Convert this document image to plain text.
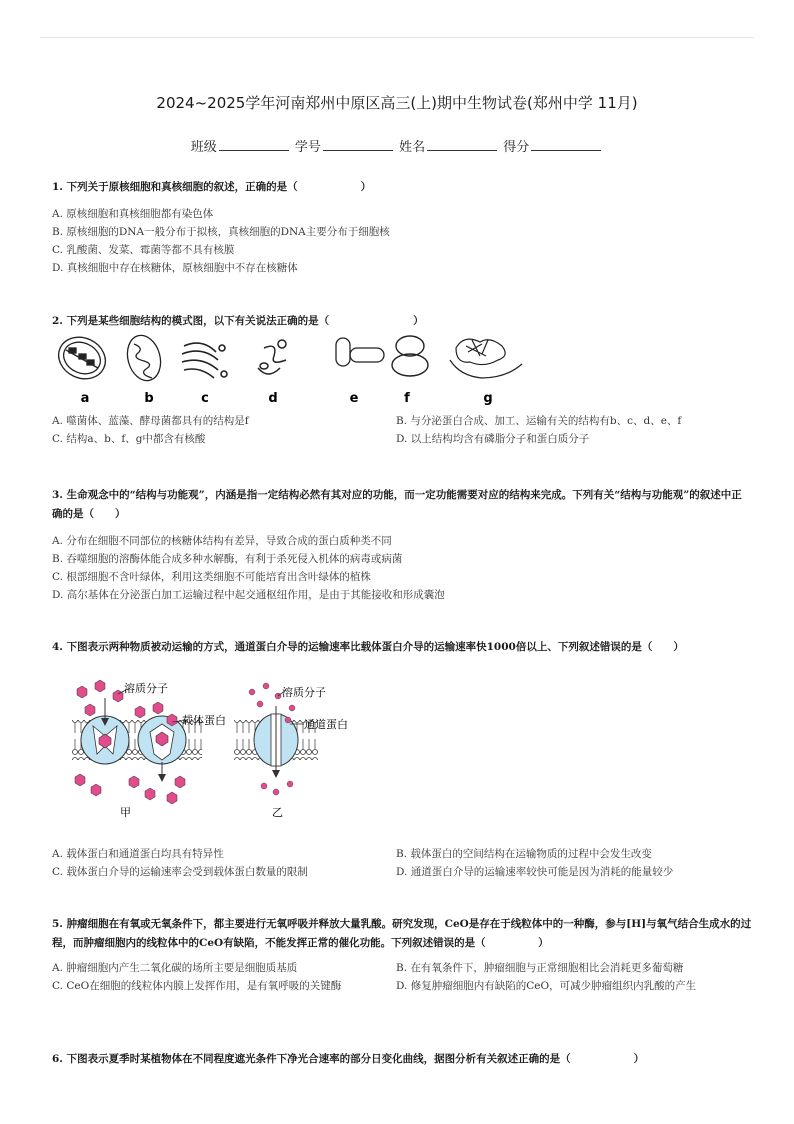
2024~2025学年河南郑州中原区高三(上)期中生物试卷(郑州中学 11月)
班级	学号	姓名	得分
1. 下列关于原核细胞和真核细胞的叙述，正确的是（　　　　　　）
A. 原核细胞和真核细胞都有染色体
B. 原核细胞的DNA一般分布于拟核，真核细胞的DNA主要分布于细胞核
C. 乳酸菌、发菜、霉菌等都不具有核膜
D. 真核细胞中存在核糖体，原核细胞中不存在核糖体
2. 下列是某些细胞结构的模式图，以下有关说法正确的是（　　　　　　　　）
a	b	c	d	e	f	g
A. 噬菌体、蓝藻、酵母菌都具有的结构是f	B. 与分泌蛋白合成、加工、运输有关的结构有b、c、d、e、f
C. 结构a、b、f、g中都含有核酸	D. 以上结构均含有磷脂分子和蛋白质分子
3. 生命观念中的“结构与功能观”，内涵是指一定结构必然有其对应的功能，而一定功能需要对应的结构来完成。下列有关“结构与功能观”的叙述中正确的是（　　）
A. 分布在细胞不同部位的核糖体结构有差异，导致合成的蛋白质种类不同
B. 吞噬细胞的溶酶体能合成多种水解酶，有利于杀死侵入机体的病毒或病菌
C. 根部细胞不含叶绿体，利用这类细胞不可能培育出含叶绿体的植株
D. 高尔基体在分泌蛋白加工运输过程中起交通枢纽作用，是由于其能接收和形成囊泡
4. 下图表示两种物质被动运输的方式，通道蛋白介导的运输速率比载体蛋白介导的运输速率快1000倍以上、下列叙述错误的是（　　）
溶质分子
载体蛋白
溶质分子
通道蛋白
甲	乙
A. 载体蛋白和通道蛋白均具有特异性	B. 载体蛋白的空间结构在运输物质的过程中会发生改变
C. 载体蛋白介导的运输速率会受到载体蛋白数量的限制	D. 通道蛋白介导的运输速率较快可能是因为消耗的能量较少
5. 肿瘤细胞在有氧或无氧条件下，都主要进行无氧呼吸并释放大量乳酸。研究发现，CeO是存在于线粒体中的一种酶，参与[H]与氧气结合生成水的过程，而肿瘤细胞内的线粒体中的CeO有缺陷，不能发挥正常的催化功能。下列叙述错误的是（　　　　　）
A. 肿瘤细胞内产生二氧化碳的场所主要是细胞质基质	B. 在有氧条件下，肿瘤细胞与正常细胞相比会消耗更多葡萄糖
C. CeO在细胞的线粒体内膜上发挥作用，是有氧呼吸的关键酶	D. 修复肿瘤细胞内有缺陷的CeO，可减少肿瘤组织内乳酸的产生
6. 下图表示夏季时某植物体在不同程度遮光条件下净光合速率的部分日变化曲线，据图分析有关叙述正确的是（　　　　　　）
